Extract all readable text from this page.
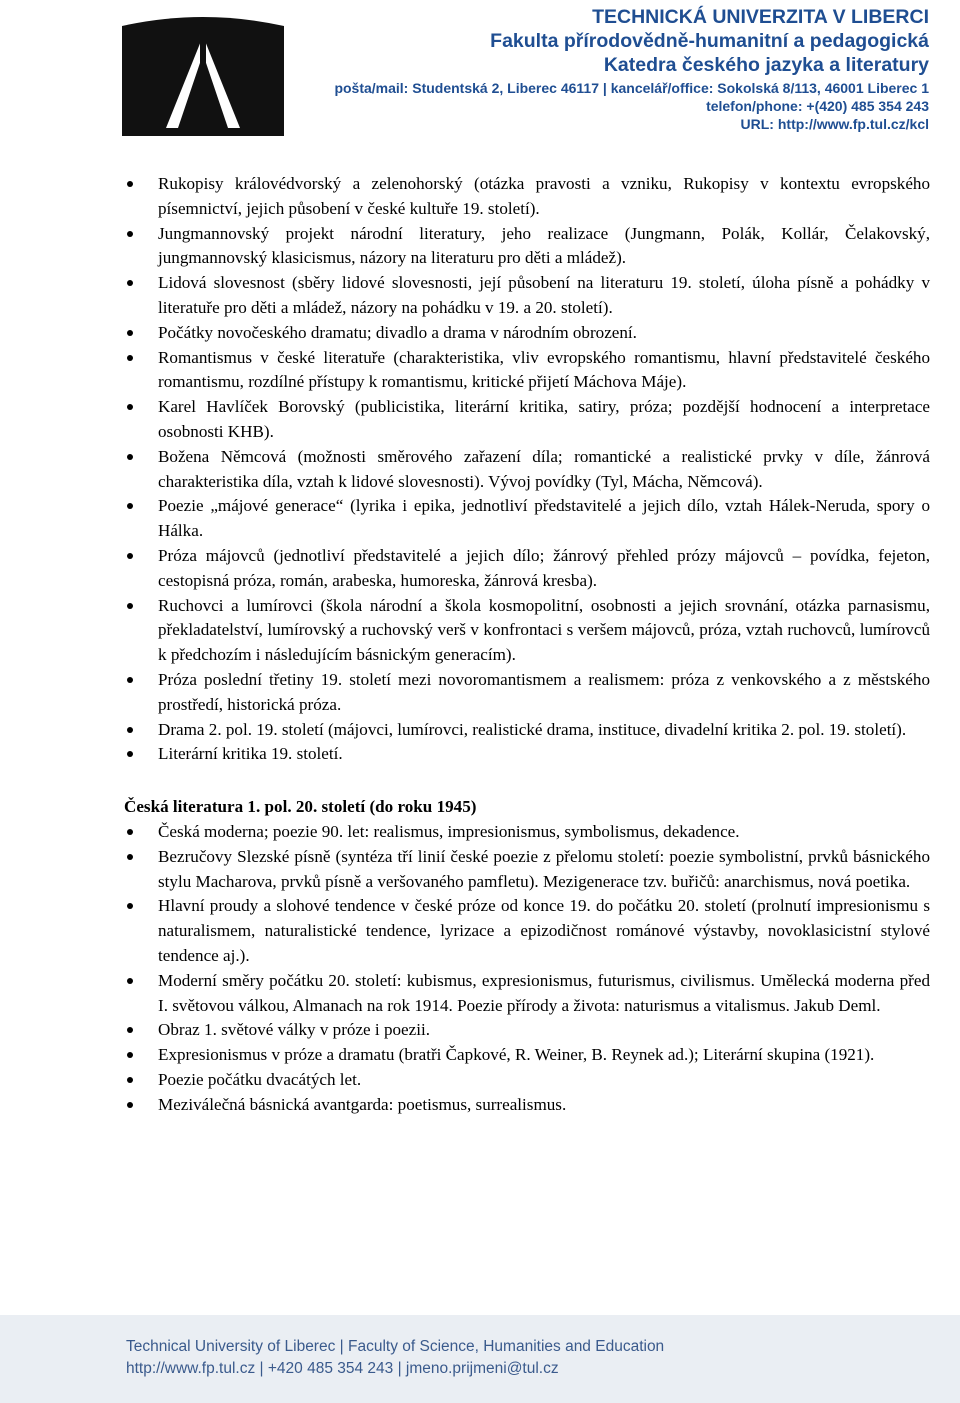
TECHNICKÁ UNIVERZITA V LIBERCI
Fakulta přírodovědně-humanitní a pedagogická
Katedra českého jazyka a literatury
pošta/mail: Studentská 2, Liberec 46117 | kancelář/office: Sokolská 8/113, 46001 Liberec 1
telefon/phone: +(420) 485 354 243
URL: http://www.fp.tul.cz/kcl
Rukopisy královédvorský a zelenohorský (otázka pravosti a vzniku, Rukopisy v kontextu evropského písemnictví, jejich působení v české kultuře 19. století).
Jungmannovský projekt národní literatury, jeho realizace (Jungmann, Polák, Kollár, Čelakovský, jungmannovský klasicismus, názory na literaturu pro děti a mládež).
Lidová slovesnost (sběry lidové slovesnosti, její působení na literaturu 19. století, úloha písně a pohádky v literatuře pro děti a mládež, názory na pohádku v 19. a 20. století).
Počátky novočeského dramatu; divadlo a drama v národním obrození.
Romantismus v české literatuře (charakteristika, vliv evropského romantismu, hlavní představitelé českého romantismu, rozdílné přístupy k romantismu, kritické přijetí Máchova Máje).
Karel Havlíček Borovský (publicistika, literární kritika, satiry, próza; pozdější hodnocení a interpretace osobnosti KHB).
Božena Němcová (možnosti směrového zařazení díla; romantické a realistické prvky v díle, žánrová charakteristika díla, vztah k lidové slovesnosti). Vývoj povídky (Tyl, Mácha, Němcová).
Poezie „májové generace“ (lyrika i epika, jednotliví představitelé a jejich dílo, vztah Hálek-Neruda, spory o Hálka.
Próza májovců (jednotliví představitelé a jejich dílo; žánrový přehled prózy májovců – povídka, fejeton, cestopisná próza, román, arabeska, humoreska, žánrová kresba).
Ruchovci a lumírovci (škola národní a škola kosmopolitní, osobnosti a jejich srovnání, otázka parnasismu, překladatelství, lumírovský a ruchovský verš v konfrontaci s veršem májovců, próza, vztah ruchovců, lumírovců k předchozím i následujícím básnickým generacím).
Próza poslední třetiny 19. století mezi novoromantismem a realismem: próza z venkovského a z městského prostředí, historická próza.
Drama 2. pol. 19. století (májovci, lumírovci, realistické drama, instituce, divadelní kritika 2. pol. 19. století).
Literární kritika 19. století.
Česká literatura 1. pol. 20. století (do roku 1945)
Česká moderna; poezie 90. let: realismus, impresionismus, symbolismus, dekadence.
Bezručovy Slezské písně (syntéza tří linií české poezie z přelomu století: poezie symbolistní, prvků básnického stylu Macharova, prvků písně a veršovaného pamfletu). Mezigenerace tzv. buřičů: anarchismus, nová poetika.
Hlavní proudy a slohové tendence v české próze od konce 19. do počátku 20. století (prolnutí impresionismu s naturalismem, naturalistické tendence, lyrizace a epizodičnost románové výstavby, novoklasicistní stylové tendence aj.).
Moderní směry počátku 20. století: kubismus, expresionismus, futurismus, civilismus. Umělecká moderna před I. světovou válkou, Almanach na rok 1914. Poezie přírody a života: naturismus a vitalismus. Jakub Deml.
Obraz 1. světové války v próze i poezii.
Expresionismus v próze a dramatu (bratři Čapkové, R. Weiner, B. Reynek ad.); Literární skupina (1921).
Poezie počátku dvacátých let.
Meziválečná básnická avantgarda: poetismus, surrealismus.
Technical University of Liberec | Faculty of Science, Humanities and Education
http://www.fp.tul.cz | +420 485 354 243 | jmeno.prijmeni@tul.cz
